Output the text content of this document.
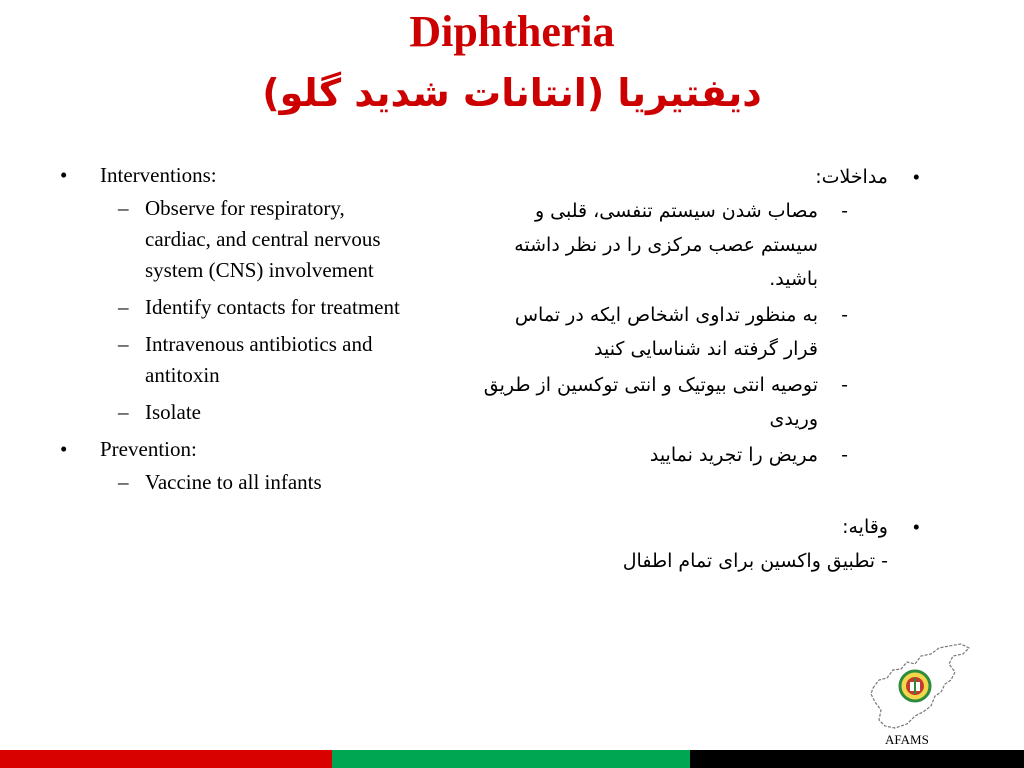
Diphtheria
دیفتیریا (انتانات شدید گلو)
• Interventions:
– Observe for respiratory, cardiac, and central nervous system (CNS) involvement
– Identify contacts for treatment
– Intravenous antibiotics and antitoxin
– Isolate
• Prevention:
– Vaccine to all infants
•
مداخلات:
-
مصاب شدن سیستم تنفسی، قلبی و سیستم عصب مرکزی را در نظر داشته باشید.
-
به منظور تداوی اشخاص ایکه در تماس قرار گرفته اند شناسایی کنید
-
توصیه انتی بیوتیک و انتی توکسین از طریق وریدی
-
مریض را تجرید نمایید
•
وقایه:
- تطبیق واکسین برای تمام اطفال
AFAMS
